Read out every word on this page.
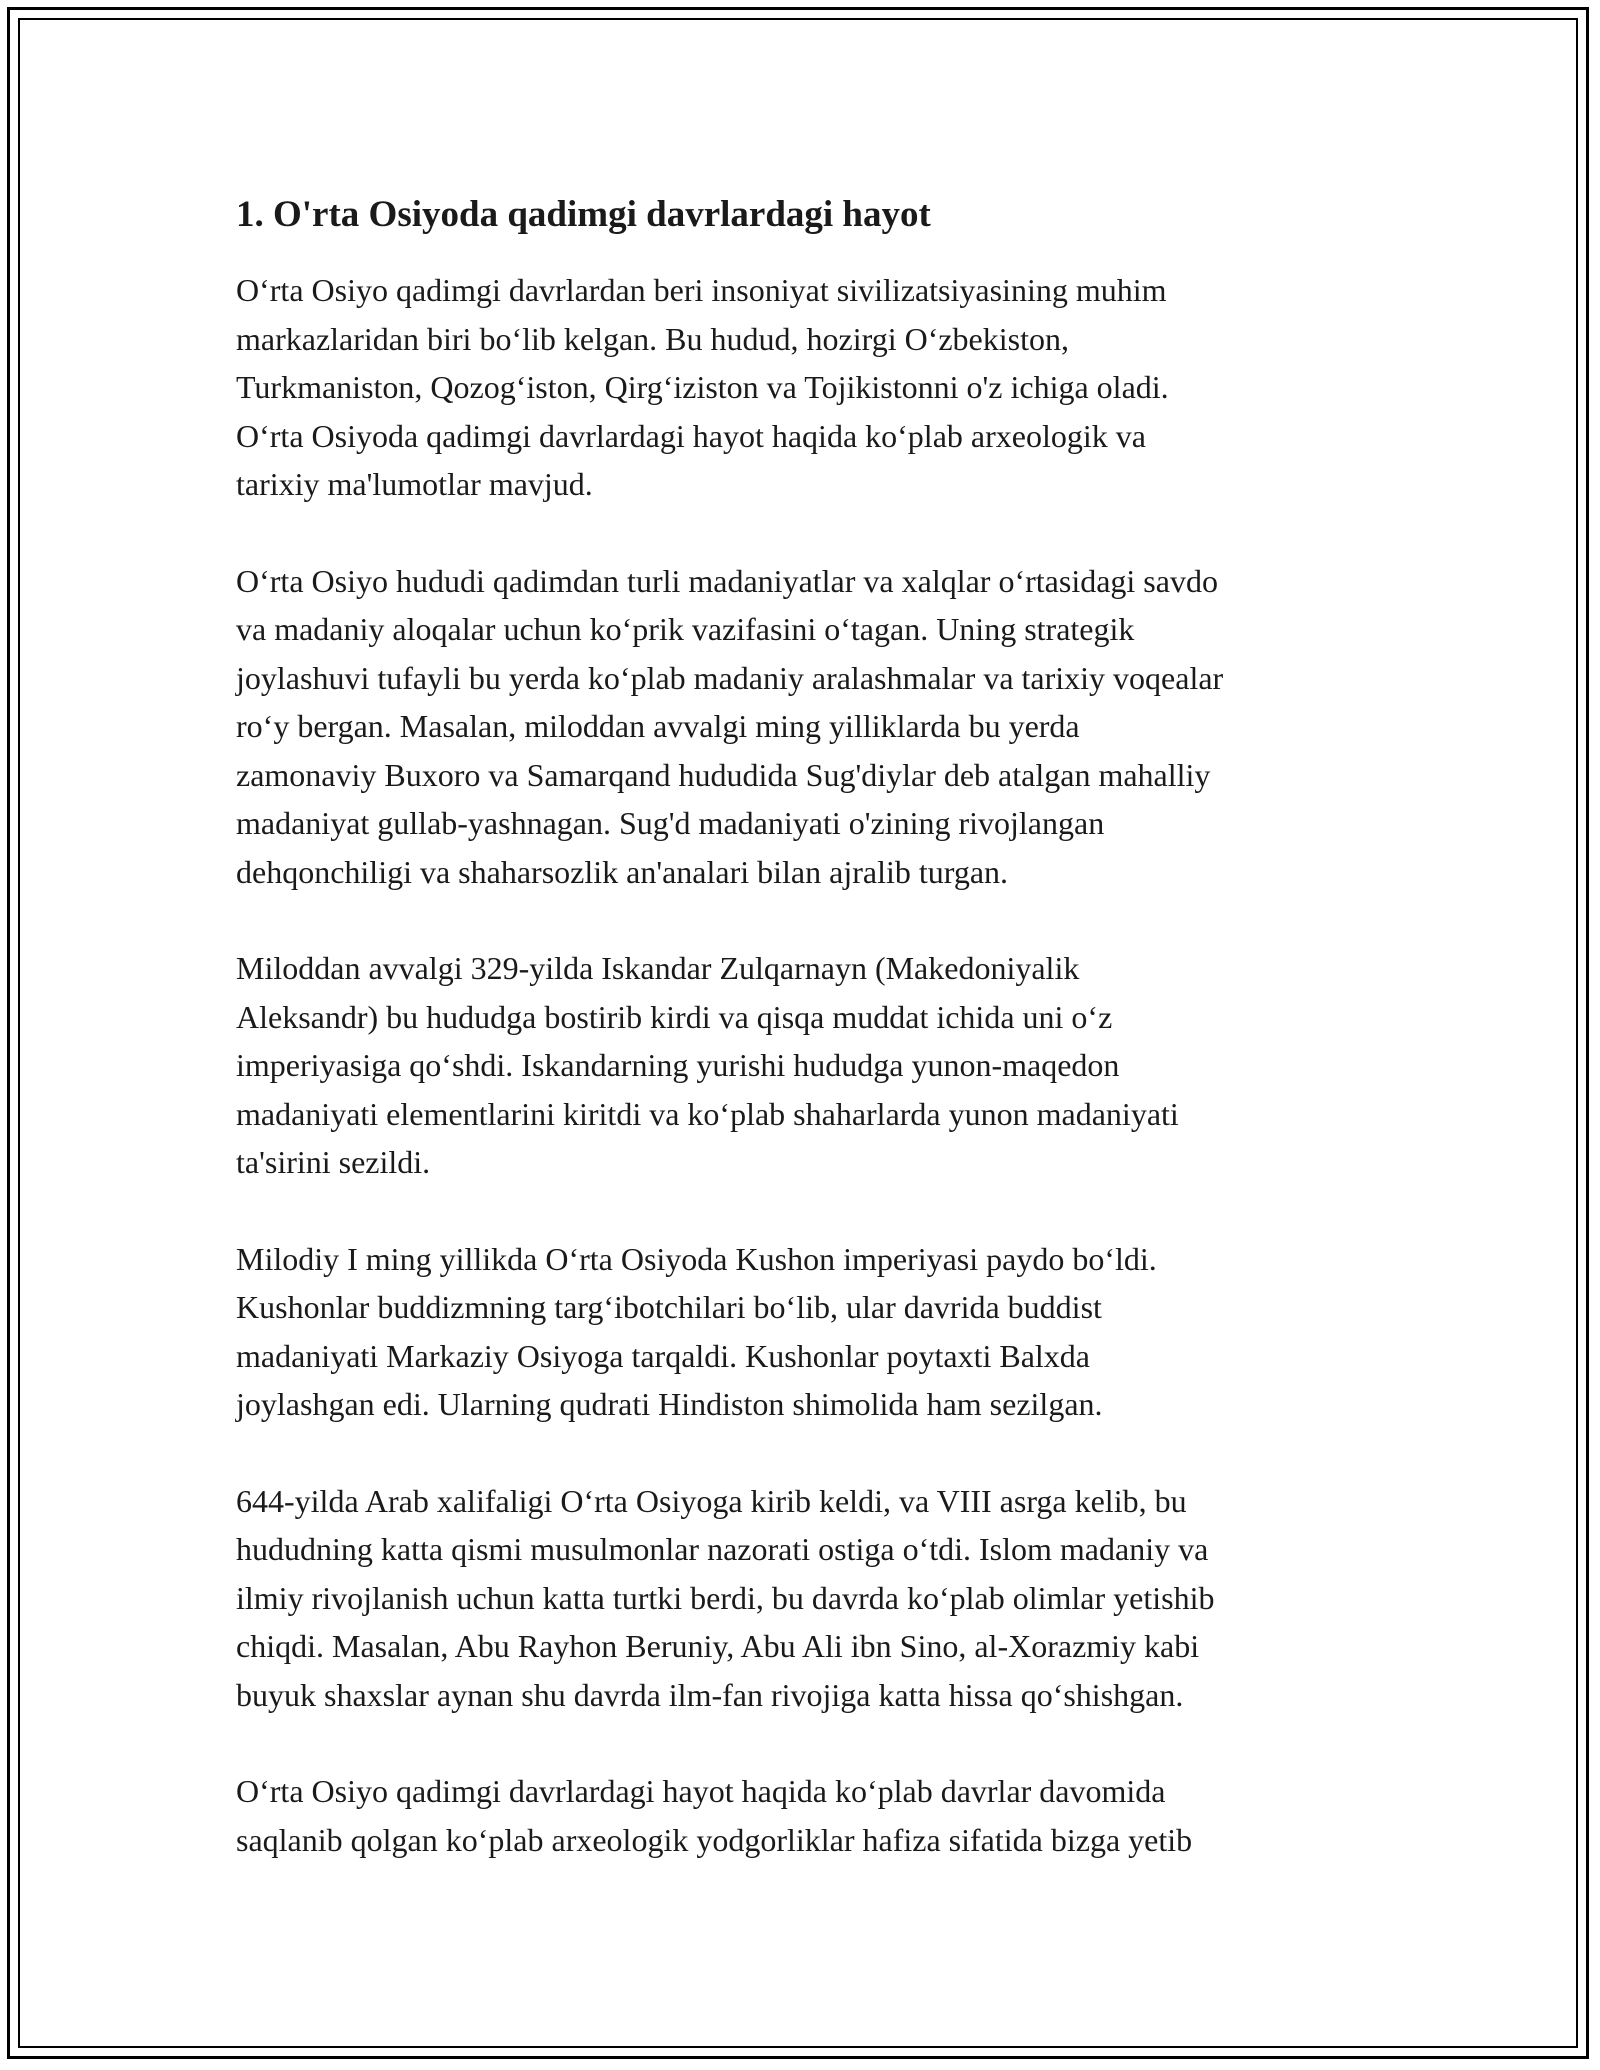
1. O'rta Osiyoda qadimgi davrlardagi hayot

O‘rta Osiyo qadimgi davrlardan beri insoniyat sivilizatsiyasining muhim
markazlaridan biri bo‘lib kelgan. Bu hudud, hozirgi O‘zbekiston,
Turkmaniston, Qozog‘iston, Qirg‘iziston va Tojikistonni o'z ichiga oladi.
O‘rta Osiyoda qadimgi davrlardagi hayot haqida ko‘plab arxeologik va
tarixiy ma'lumotlar mavjud.

O‘rta Osiyo hududi qadimdan turli madaniyatlar va xalqlar o‘rtasidagi savdo
va madaniy aloqalar uchun ko‘prik vazifasini o‘tagan. Uning strategik
joylashuvi tufayli bu yerda ko‘plab madaniy aralashmalar va tarixiy voqealar
ro‘y bergan. Masalan, miloddan avvalgi ming yilliklarda bu yerda
zamonaviy Buxoro va Samarqand hududida Sug'diylar deb atalgan mahalliy
madaniyat gullab-yashnagan. Sug'd madaniyati o'zining rivojlangan
dehqonchiligi va shaharsozlik an'analari bilan ajralib turgan.

Miloddan avvalgi 329-yilda Iskandar Zulqarnayn (Makedoniyalik
Aleksandr) bu hududga bostirib kirdi va qisqa muddat ichida uni o‘z
imperiyasiga qo‘shdi. Iskandarning yurishi hududga yunon-maqedon
madaniyati elementlarini kiritdi va ko‘plab shaharlarda yunon madaniyati
ta'sirini sezildi.

Milodiy I ming yillikda O‘rta Osiyoda Kushon imperiyasi paydo bo‘ldi.
Kushonlar buddizmning targ‘ibotchilari bo‘lib, ular davrida buddist
madaniyati Markaziy Osiyoga tarqaldi. Kushonlar poytaxti Balxda
joylashgan edi. Ularning qudrati Hindiston shimolida ham sezilgan.

644-yilda Arab xalifaligi O‘rta Osiyoga kirib keldi, va VIII asrga kelib, bu
hududning katta qismi musulmonlar nazorati ostiga o‘tdi. Islom madaniy va
ilmiy rivojlanish uchun katta turtki berdi, bu davrda ko‘plab olimlar yetishib
chiqdi. Masalan, Abu Rayhon Beruniy, Abu Ali ibn Sino, al-Xorazmiy kabi
buyuk shaxslar aynan shu davrda ilm-fan rivojiga katta hissa qo‘shishgan.

O‘rta Osiyo qadimgi davrlardagi hayot haqida ko‘plab davrlar davomida
saqlanib qolgan ko‘plab arxeologik yodgorliklar hafiza sifatida bizga yetib
